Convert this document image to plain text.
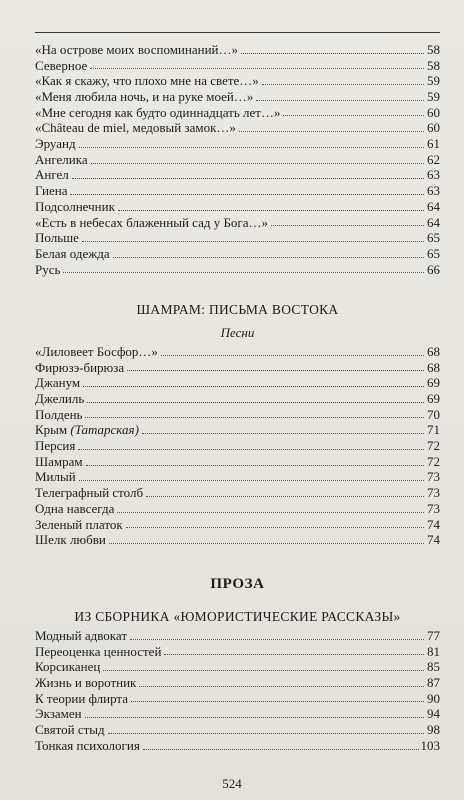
«На острове моих воспоминаний…»	58
Северное	58
«Как я скажу, что плохо мне на свете…»	59
«Меня любила ночь, и на руке моей…»	59
«Мне сегодня как будто одиннадцать лет…»	60
«Château de miel, медовый замок…»	60
Эруанд	61
Ангелика	62
Ангел	63
Гиена	63
Подсолнечник	64
«Есть в небесах блаженный сад у Бога…»	64
Польше	65
Белая одежда	65
Русь	66
ШАМРАМ: ПИСЬМА ВОСТОКА
Песни
«Лиловеет Босфор…»	68
Фирюзэ-бирюза	68
Джанум	69
Джелиль	69
Полдень	70
Крым (Татарская)	71
Персия	72
Шамрам	72
Милый	73
Телеграфный столб	73
Одна навсегда	73
Зеленый платок	74
Шелк любви	74
ПРОЗА
ИЗ СБОРНИКА «ЮМОРИСТИЧЕСКИЕ РАССКАЗЫ»
Модный адвокат	77
Переоценка ценностей	81
Корсиканец	85
Жизнь и воротник	87
К теории флирта	90
Экзамен	94
Святой стыд	98
Тонкая психология	103
524
